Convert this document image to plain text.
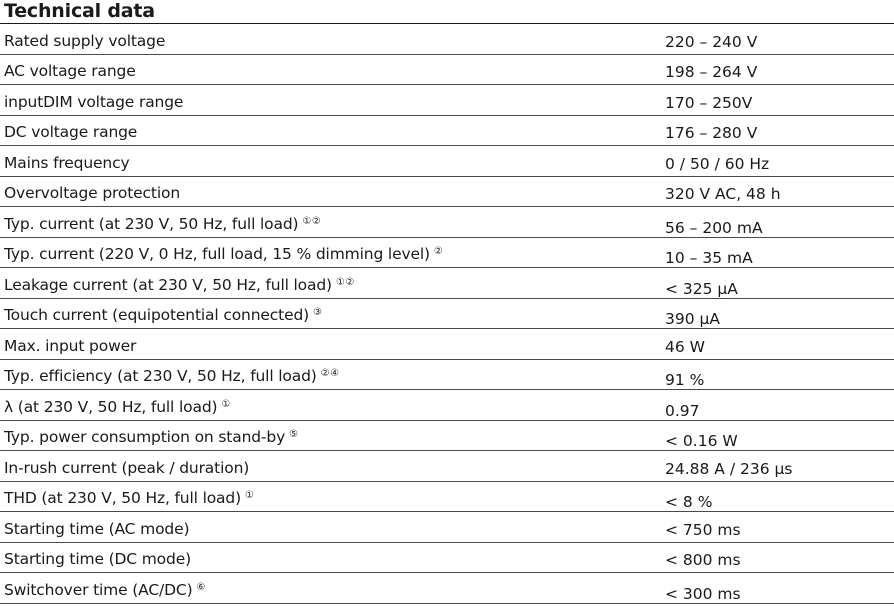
Technical data
Rated supply voltage	220 – 240 V
AC voltage range	198 – 264 V
inputDIM voltage range	170 – 250V
DC voltage range	176 – 280 V
Mains frequency	0 / 50 / 60 Hz
Overvoltage protection	320 V AC, 48 h
Typ. current (at 230 V, 50 Hz, full load) ①②	56 – 200 mA
Typ. current (220 V, 0 Hz, full load, 15 % dimming level) ②	10 – 35 mA
Leakage current (at 230 V, 50 Hz, full load) ①②	< 325 µA
Touch current (equipotential connected) ③	390 µA
Max. input power	46 W
Typ. efficiency (at 230 V, 50 Hz, full load) ②④	91 %
λ (at 230 V, 50 Hz, full load) ①	0.97
Typ. power consumption on stand-by ⑤	< 0.16 W
In-rush current (peak / duration)	24.88 A / 236 µs
THD (at 230 V, 50 Hz, full load) ①	< 8 %
Starting time (AC mode)	< 750 ms
Starting time (DC mode)	< 800 ms
Switchover time (AC/DC) ⑥	< 300 ms
